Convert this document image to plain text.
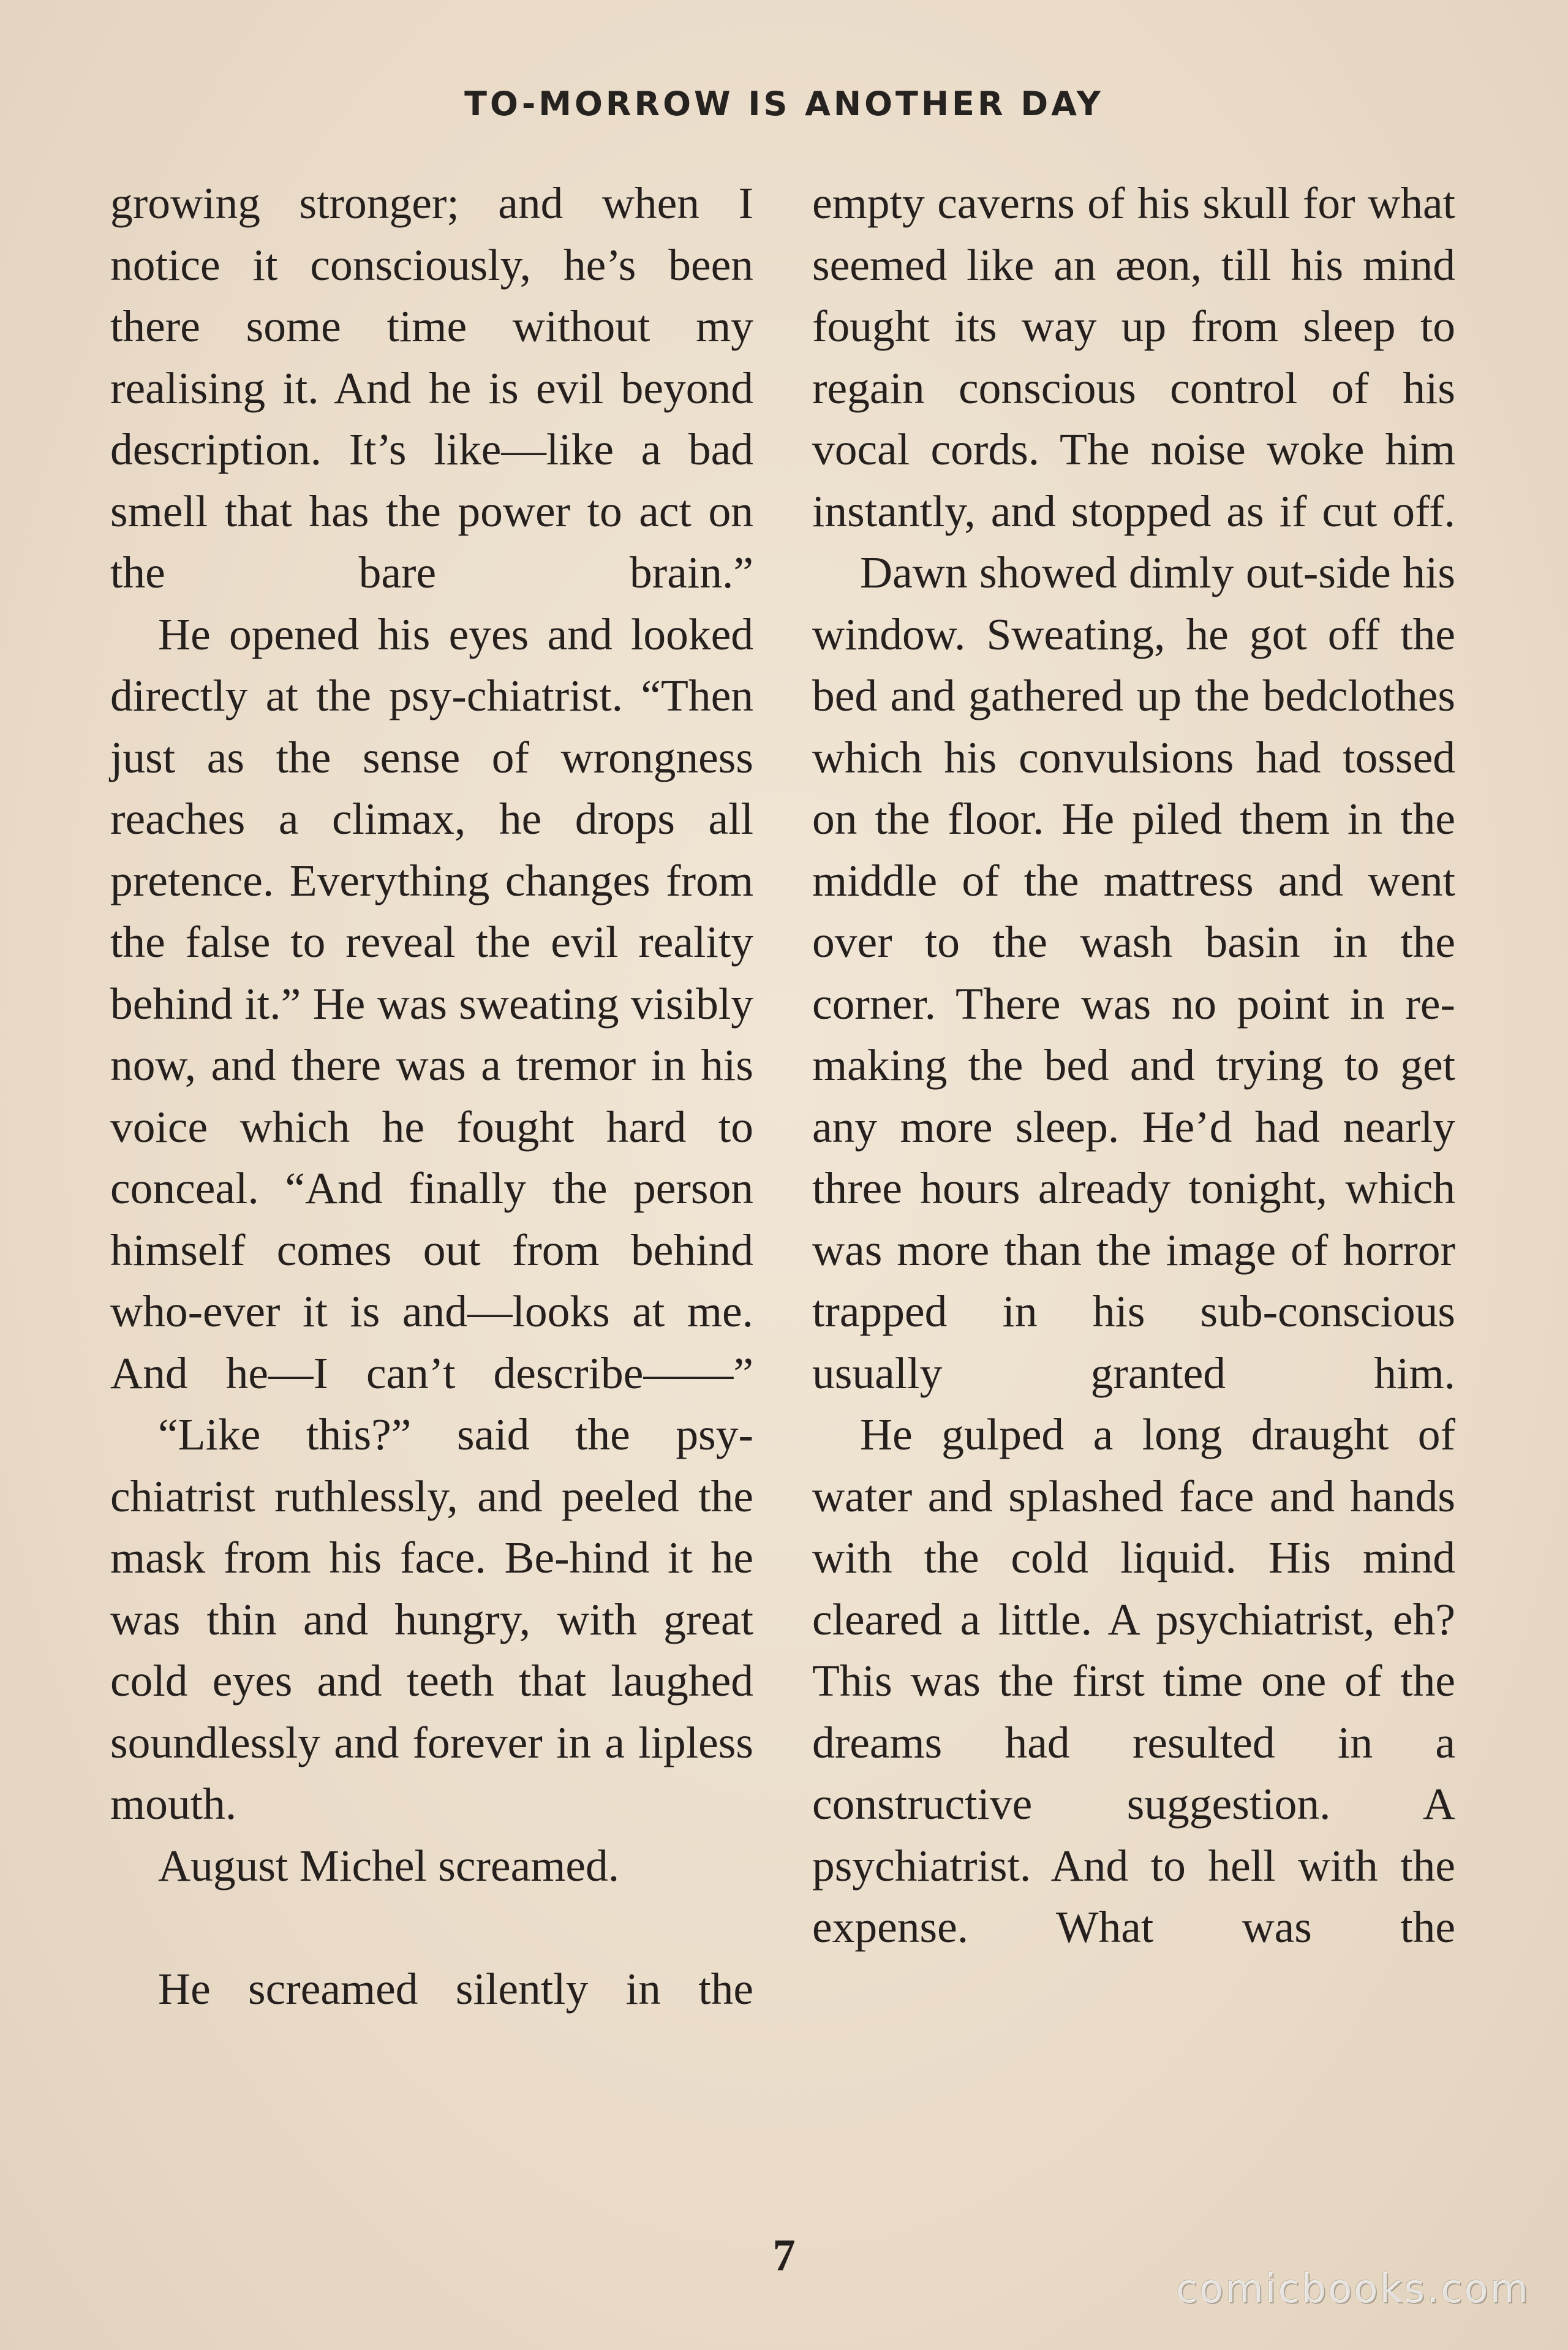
TO-MORROW IS ANOTHER DAY

growing stronger; and when I notice it consciously, he’s been there some time without my realising it. And he is evil beyond description. It’s like—like a bad smell that has the power to act on the bare brain.”

He opened his eyes and looked directly at the psy-chiatrist. “Then just as the sense of wrongness reaches a climax, he drops all pretence. Everything changes from the false to reveal the evil reality behind it.” He was sweating visibly now, and there was a tremor in his voice which he fought hard to conceal. “And finally the person himself comes out from behind who-ever it is and—looks at me. And he—I can’t describe——”

“Like this?” said the psy-chiatrist ruthlessly, and peeled the mask from his face. Be-hind it he was thin and hungry, with great cold eyes and teeth that laughed soundlessly and forever in a lipless mouth.

August Michel screamed.

He screamed silently in the

empty caverns of his skull for what seemed like an æon, till his mind fought its way up from sleep to regain conscious control of his vocal cords. The noise woke him instantly, and stopped as if cut off.

Dawn showed dimly out-side his window. Sweating, he got off the bed and gathered up the bedclothes which his convulsions had tossed on the floor. He piled them in the middle of the mattress and went over to the wash basin in the corner. There was no point in re-making the bed and trying to get any more sleep. He’d had nearly three hours already tonight, which was more than the image of horror trapped in his sub-conscious usually granted him.

He gulped a long draught of water and splashed face and hands with the cold liquid. His mind cleared a little. A psychiatrist, eh? This was the first time one of the dreams had resulted in a constructive suggestion. A psychiatrist. And to hell with the expense. What was the

7
comicbooks.com
